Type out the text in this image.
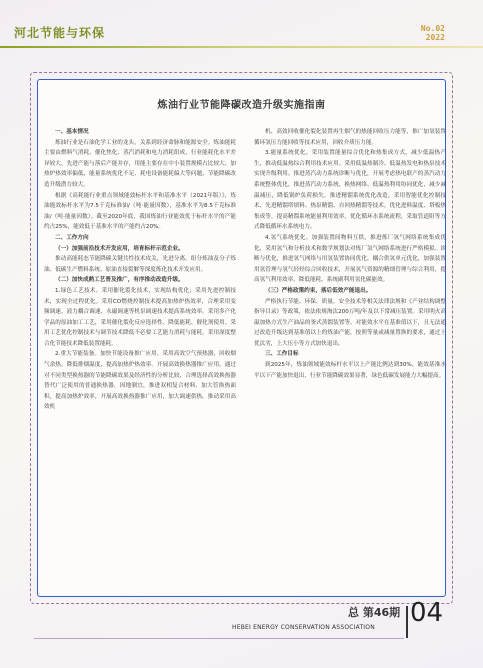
河北节能与环保	No.02
2022
炼油行业节能降碳改造升级实施指南

一、基本情况

炼油行业是石油化学工业的龙头，关系到经济命脉和能源安全。炼油能耗主要由燃料气消耗、催化焦化、蒸汽消耗和电力消耗组成，行业能耗化水平差异较大，先进产能与落后产能并存，用能主要存在中小装置规模占比较大、加热炉热效率偏低、能量系统优化不足、耗电设备能耗偏大等问题，节能降碳改造升级潜力较大。

根据《高耗能行业重点领域能效标杆水平和基准水平（2021年版）》，炼油能效标杆水平为7.5千克标准油/（吨·能量因数），基准水平为8.5千克标准油/（吨·能量因数）。截至2020年底，我国炼油行业能效优于标杆水平的产能约占25%，能效低于基准水平的产能约占20%。

二、工作方向

（一）加强前沿技术开发应用，培育标杆示范企业。

推动高能耗态节能降碳关键共性技术攻关，先进分离、组分炼油及分子炼油、低碳生产燃料系统、原油直接裂解等深度炼化技术开发应用。

（二）加快成熟工艺普及推广，有序推动改造升级。

1.绿色工艺技术。采用催化裂化技术，实现结构优化；采用先进控制技术，实现全过程优化。采用CO燃烧控制技术提高加热炉热效率，合理采用变频调速、液力耦合调速、永磁调速等机泵调速技术提高系统效率。采用多产化学品的原油加工工艺，采用催化裂化反应选择性、降低能耗、催化剂使用。采用工艺优化控制技术与调节技术降低不必要工艺能力消耗与能耗。采用深度整合化节能技术降低装置能耗。

2.重大节能装备。加快节能设备推广应用。采用高效空气预热器，回收烟气余热，降低排烟温度，提高加热炉热效率。开展高效换热器推广应用，通过对不同类型换热器的节能降碳效果及经济性的分析比较，合理选择高效换热器替代广泛使用的普通换热器，因地制宜，推进双相复合材料、加大管换热面积，提高加热炉效率，开展高效换热器推广应用，加大调速供热。推动采用高效机

机、高效回收催化裂化装置再生烟气的热能回收压力能等，推广加氢装置循环氢压力能回收等技术应用，回收介质压力能。

3.能量系统优化。采用装置能量综合优化和热集成方式，减少低温热产生，推动低温热综合利用技术应用。采用低温热制冷、低温热发电和热泵技术实现升级利用。推进蒸汽动力系统诊断与优化，开展考虑热电联产的蒸汽动力系统整体优化，推进蒸汽动力系统、换热网络、低温热利用协同优化，减少减温减压，降低锅炉负荷损失。推进精馏系统优化改造，采用智能优化控制技术、先进精馏塔填料、热泵精馏、自回热精馏等技术。优化进料温度、塔板热集成等，提高精馏系统能量利用效率。优化循环水系统流程，采取管道阻等方式降低循环水系统电力。

4.氢气系统优化。加强装置间物料互供，推进炼厂氢气网络系统集成优化，采用氢气和分析技术和数学规划法对炼厂氢气网络系统进行严格模拟、诊断与优化，推进氢气网络与用氢装置协同优化，耦合供氢单元优化，加强装置用氢管理与氢气轻烃综合回收技术，开展氢气资源的精细管理与综合利用，提高氢气利用效率，降低能耗、系统副利用氢化碳能效。

（三）严格政策约束，落后低效产能退出。

严格执行节能、环保、质量、安全技术等相关法律法规和《产业结构调整指导目录》等政策，依法依规淘汰200万吨/年及以下常减压装置。采用明火高温加热方式生产油品的釜式蒸馏装置等。对能效水平在基准值以下，且无法通过改造升级达到基准值以上的炼油产能，按照等量或减量置换的要求，通过上优汰劣，上大压小等方式加快退出。

三、工作目标

到2025年，炼油领域能效标杆水平以上产能比例达到30%，能效基准水平以下产能加快退出，行业节能降碳效果显著，绿色低碳发展能力大幅提高。

总 第46期
HEBEI ENERGY CONSERVATION ASSOCIATION 04
